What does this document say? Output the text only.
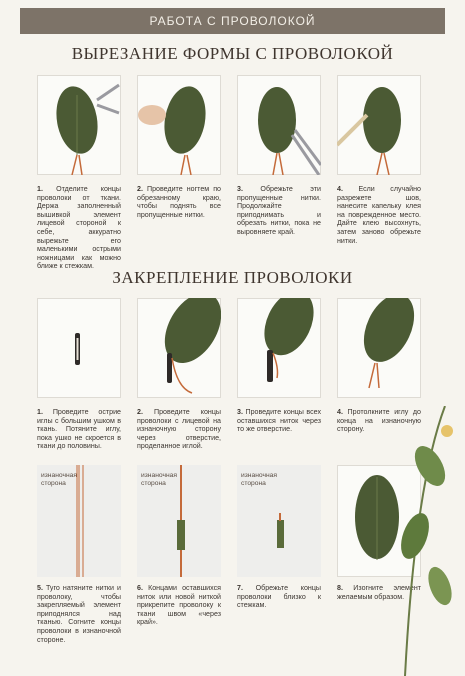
РАБОТА С ПРОВОЛОКОЙ
ВЫРЕЗАНИЕ ФОРМЫ С ПРОВОЛОКОЙ
1. Отделите концы проволоки от ткани. Держа заполненный вышивкой элемент лицевой стороной к себе, аккуратно вырежьте его маленькими острыми ножницами как можно ближе к стежкам.
2. Проведите ногтем по обрезанному краю, чтобы поднять все пропущенные нитки.
3. Обрежьте эти пропущенные нитки. Продолжайте приподнимать и обрезать нитки, пока не выровняете край.
4. Если случайно разрежете шов, нанесите капельку клея на поврежденное место. Дайте клею высохнуть, затем заново обрежьте нитки.
ЗАКРЕПЛЕНИЕ ПРОВОЛОКИ
1. Проведите острие иглы с большим ушком в ткань. Потяните иглу, пока ушко не скроется в ткани до половины.
2. Проведите концы проволоки с лицевой на изнаночную сторону через отверстие, проделанное иглой.
3. Проведите концы всех оставшихся ниток через то же отверстие.
4. Протолкните иглу до конца на изнаночную сторону.
изнаночная
сторона
изнаночная
сторона
изнаночная
сторона
5. Туго натяните нитки и проволоку, чтобы закрепляемый элемент приподнялся над тканью. Согните концы проволоки в изнаночной стороне.
6. Концами оставшихся ниток или новой ниткой прикрепите проволоку к ткани швом «через край».
7. Обрежьте концы проволоки близко к стежкам.
8. Изогните элемент желаемым образом.
